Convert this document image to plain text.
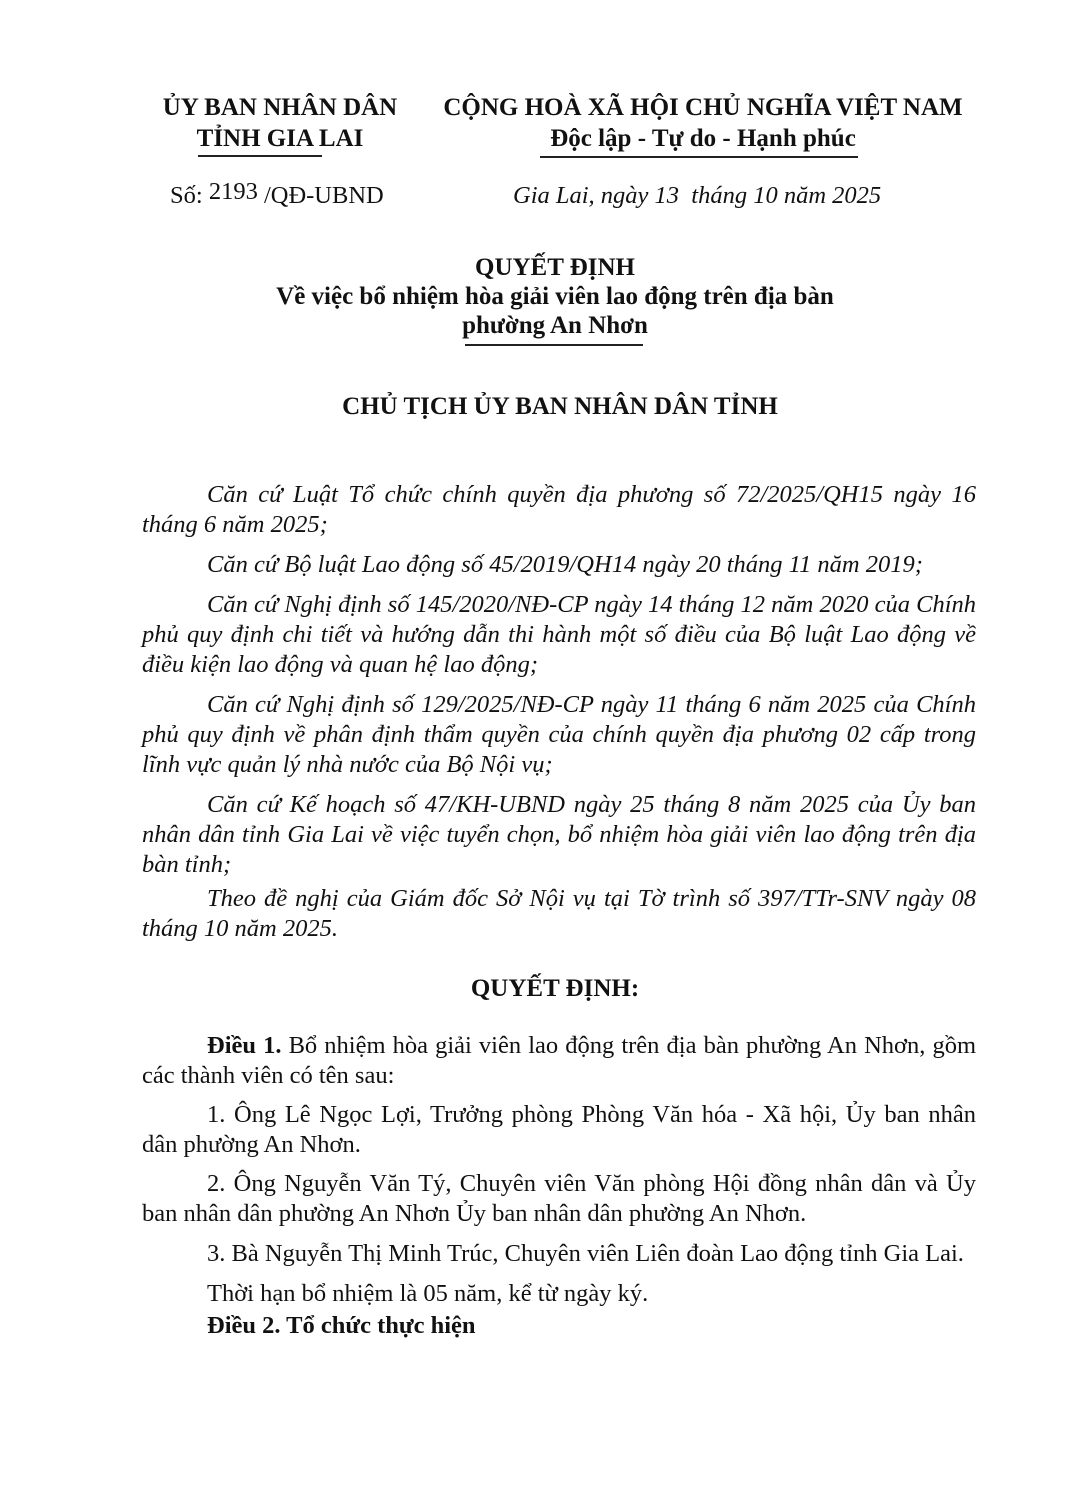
ỦY BAN NHÂN DÂN
TỈNH GIA LAI
CỘNG HOÀ XÃ HỘI CHỦ NGHĨA VIỆT NAM
Độc lập - Tự do - Hạnh phúc
Số: 2193 /QĐ-UBND	Gia Lai, ngày 13  tháng 10 năm 2025
QUYẾT ĐỊNH
Về việc bổ nhiệm hòa giải viên lao động trên địa bàn
phường An Nhơn
CHỦ TỊCH ỦY BAN NHÂN DÂN TỈNH

Căn cứ Luật Tổ chức chính quyền địa phương số 72/2025/QH15 ngày 16 tháng 6 năm 2025;

Căn cứ Bộ luật Lao động số 45/2019/QH14 ngày 20 tháng 11 năm 2019;

Căn cứ Nghị định số 145/2020/NĐ-CP ngày 14 tháng 12 năm 2020 của Chính phủ quy định chi tiết và hướng dẫn thi hành một số điều của Bộ luật Lao động về điều kiện lao động và quan hệ lao động;

Căn cứ Nghị định số 129/2025/NĐ-CP ngày 11 tháng 6 năm 2025 của Chính phủ quy định về phân định thẩm quyền của chính quyền địa phương 02 cấp trong lĩnh vực quản lý nhà nước của Bộ Nội vụ;

Căn cứ Kế hoạch số 47/KH-UBND ngày 25 tháng 8 năm 2025 của Ủy ban nhân dân tỉnh Gia Lai về việc tuyển chọn, bổ nhiệm hòa giải viên lao động trên địa bàn tỉnh;

Theo đề nghị của Giám đốc Sở Nội vụ tại Tờ trình số 397/TTr-SNV ngày 08 tháng 10 năm 2025.

QUYẾT ĐỊNH:

Điều 1. Bổ nhiệm hòa giải viên lao động trên địa bàn phường An Nhơn, gồm các thành viên có tên sau:

1. Ông Lê Ngọc Lợi, Trưởng phòng Phòng Văn hóa - Xã hội, Ủy ban nhân dân phường An Nhơn.

2. Ông Nguyễn Văn Tý, Chuyên viên Văn phòng Hội đồng nhân dân và Ủy ban nhân dân phường An Nhơn Ủy ban nhân dân phường An Nhơn.

3. Bà Nguyễn Thị Minh Trúc, Chuyên viên Liên đoàn Lao động tỉnh Gia Lai.

Thời hạn bổ nhiệm là 05 năm, kể từ ngày ký.

Điều 2. Tổ chức thực hiện
